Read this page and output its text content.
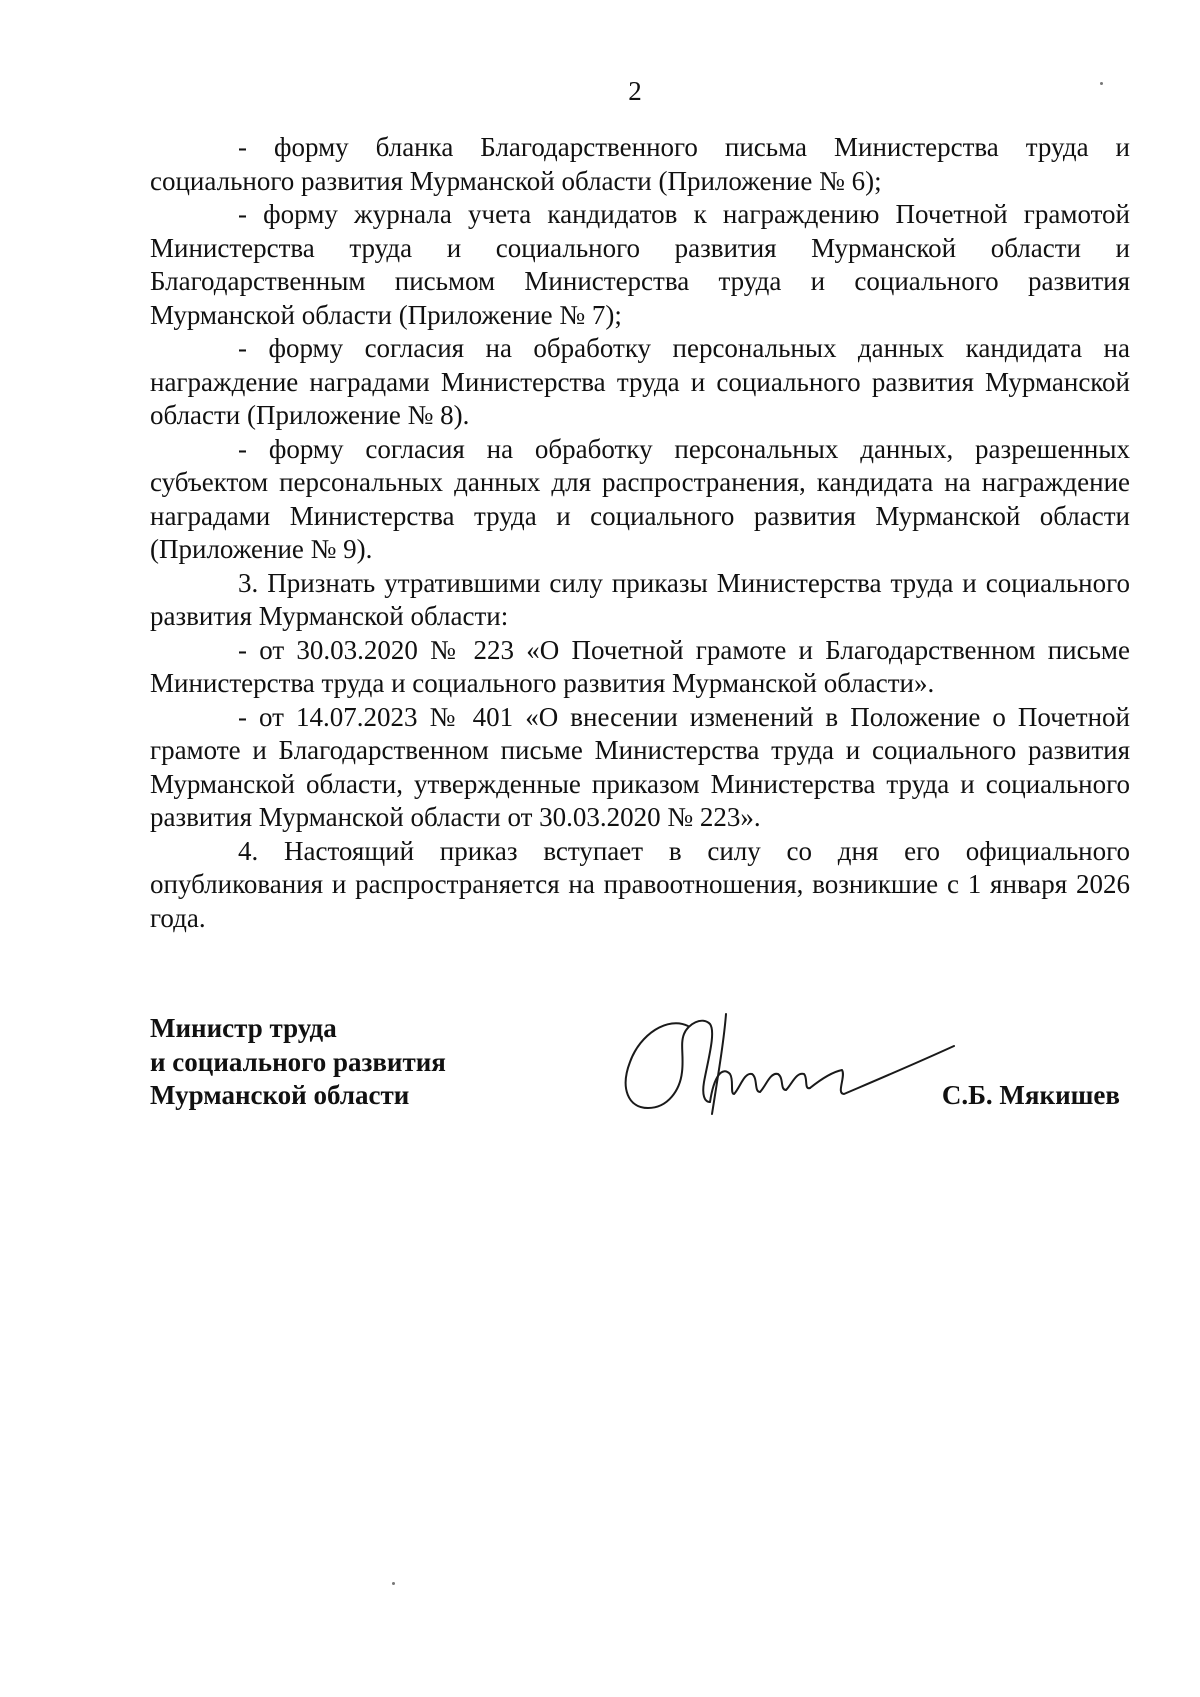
2

- форму бланка Благодарственного письма Министерства труда и социального развития Мурманской области (Приложение № 6);

- форму журнала учета кандидатов к награждению Почетной грамотой Министерства труда и социального развития Мурманской области и Благодарственным письмом Министерства труда и социального развития Мурманской области (Приложение № 7);

- форму согласия на обработку персональных данных кандидата на награждение наградами Министерства труда и социального развития Мурманской области (Приложение № 8).

- форму согласия на обработку персональных данных, разрешенных субъектом персональных данных для распространения, кандидата на награждение наградами Министерства труда и социального развития Мурманской области (Приложение № 9).

3. Признать утратившими силу приказы Министерства труда и социального развития Мурманской области:

- от 30.03.2020 № 223 «О Почетной грамоте и Благодарственном письме Министерства труда и социального развития Мурманской области».

- от 14.07.2023 № 401 «О внесении изменений в Положение о Почетной грамоте и Благодарственном письме Министерства труда и социального развития Мурманской области, утвержденные приказом Министерства труда и социального развития Мурманской области от 30.03.2020 № 223».

4. Настоящий приказ вступает в силу со дня его официального опубликования и распространяется на правоотношения, возникшие с 1 января 2026 года.

Министр труда
и социального развития
Мурманской области	С.Б. Мякишев
